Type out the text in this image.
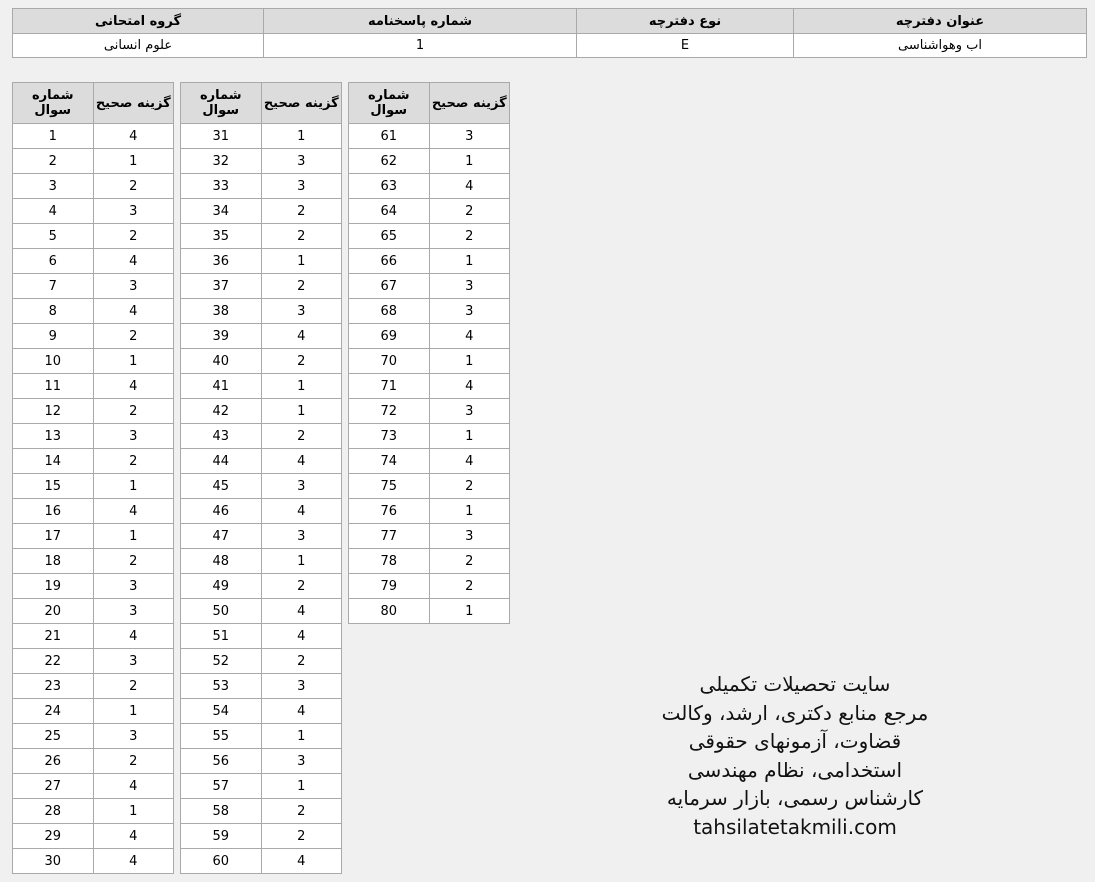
گروه امتحانی	شماره پاسخنامه	نوع دفترچه	عنوان دفترچه
علوم انسانی	1	E	اب وهواشناسی
شماره سوال	گزینه صحیح
1	4
2	1
3	2
4	3
5	2
6	4
7	3
8	4
9	2
10	1
11	4
12	2
13	3
14	2
15	1
16	4
17	1
18	2
19	3
20	3
21	4
22	3
23	2
24	1
25	3
26	2
27	4
28	1
29	4
30	4
شماره سوال	گزینه صحیح
31	1
32	3
33	3
34	2
35	2
36	1
37	2
38	3
39	4
40	2
41	1
42	1
43	2
44	4
45	3
46	4
47	3
48	1
49	2
50	4
51	4
52	2
53	3
54	4
55	1
56	3
57	1
58	2
59	2
60	4
شماره سوال	گزینه صحیح
61	3
62	1
63	4
64	2
65	2
66	1
67	3
68	3
69	4
70	1
71	4
72	3
73	1
74	4
75	2
76	1
77	3
78	2
79	2
80	1
سایت تحصیلات تکمیلی
مرجع منابع دکتری، ارشد، وکالت
قضاوت، آزمونهای حقوقی
استخدامی، نظام مهندسی
کارشناس رسمی، بازار سرمایه
tahsilatetakmili.com
